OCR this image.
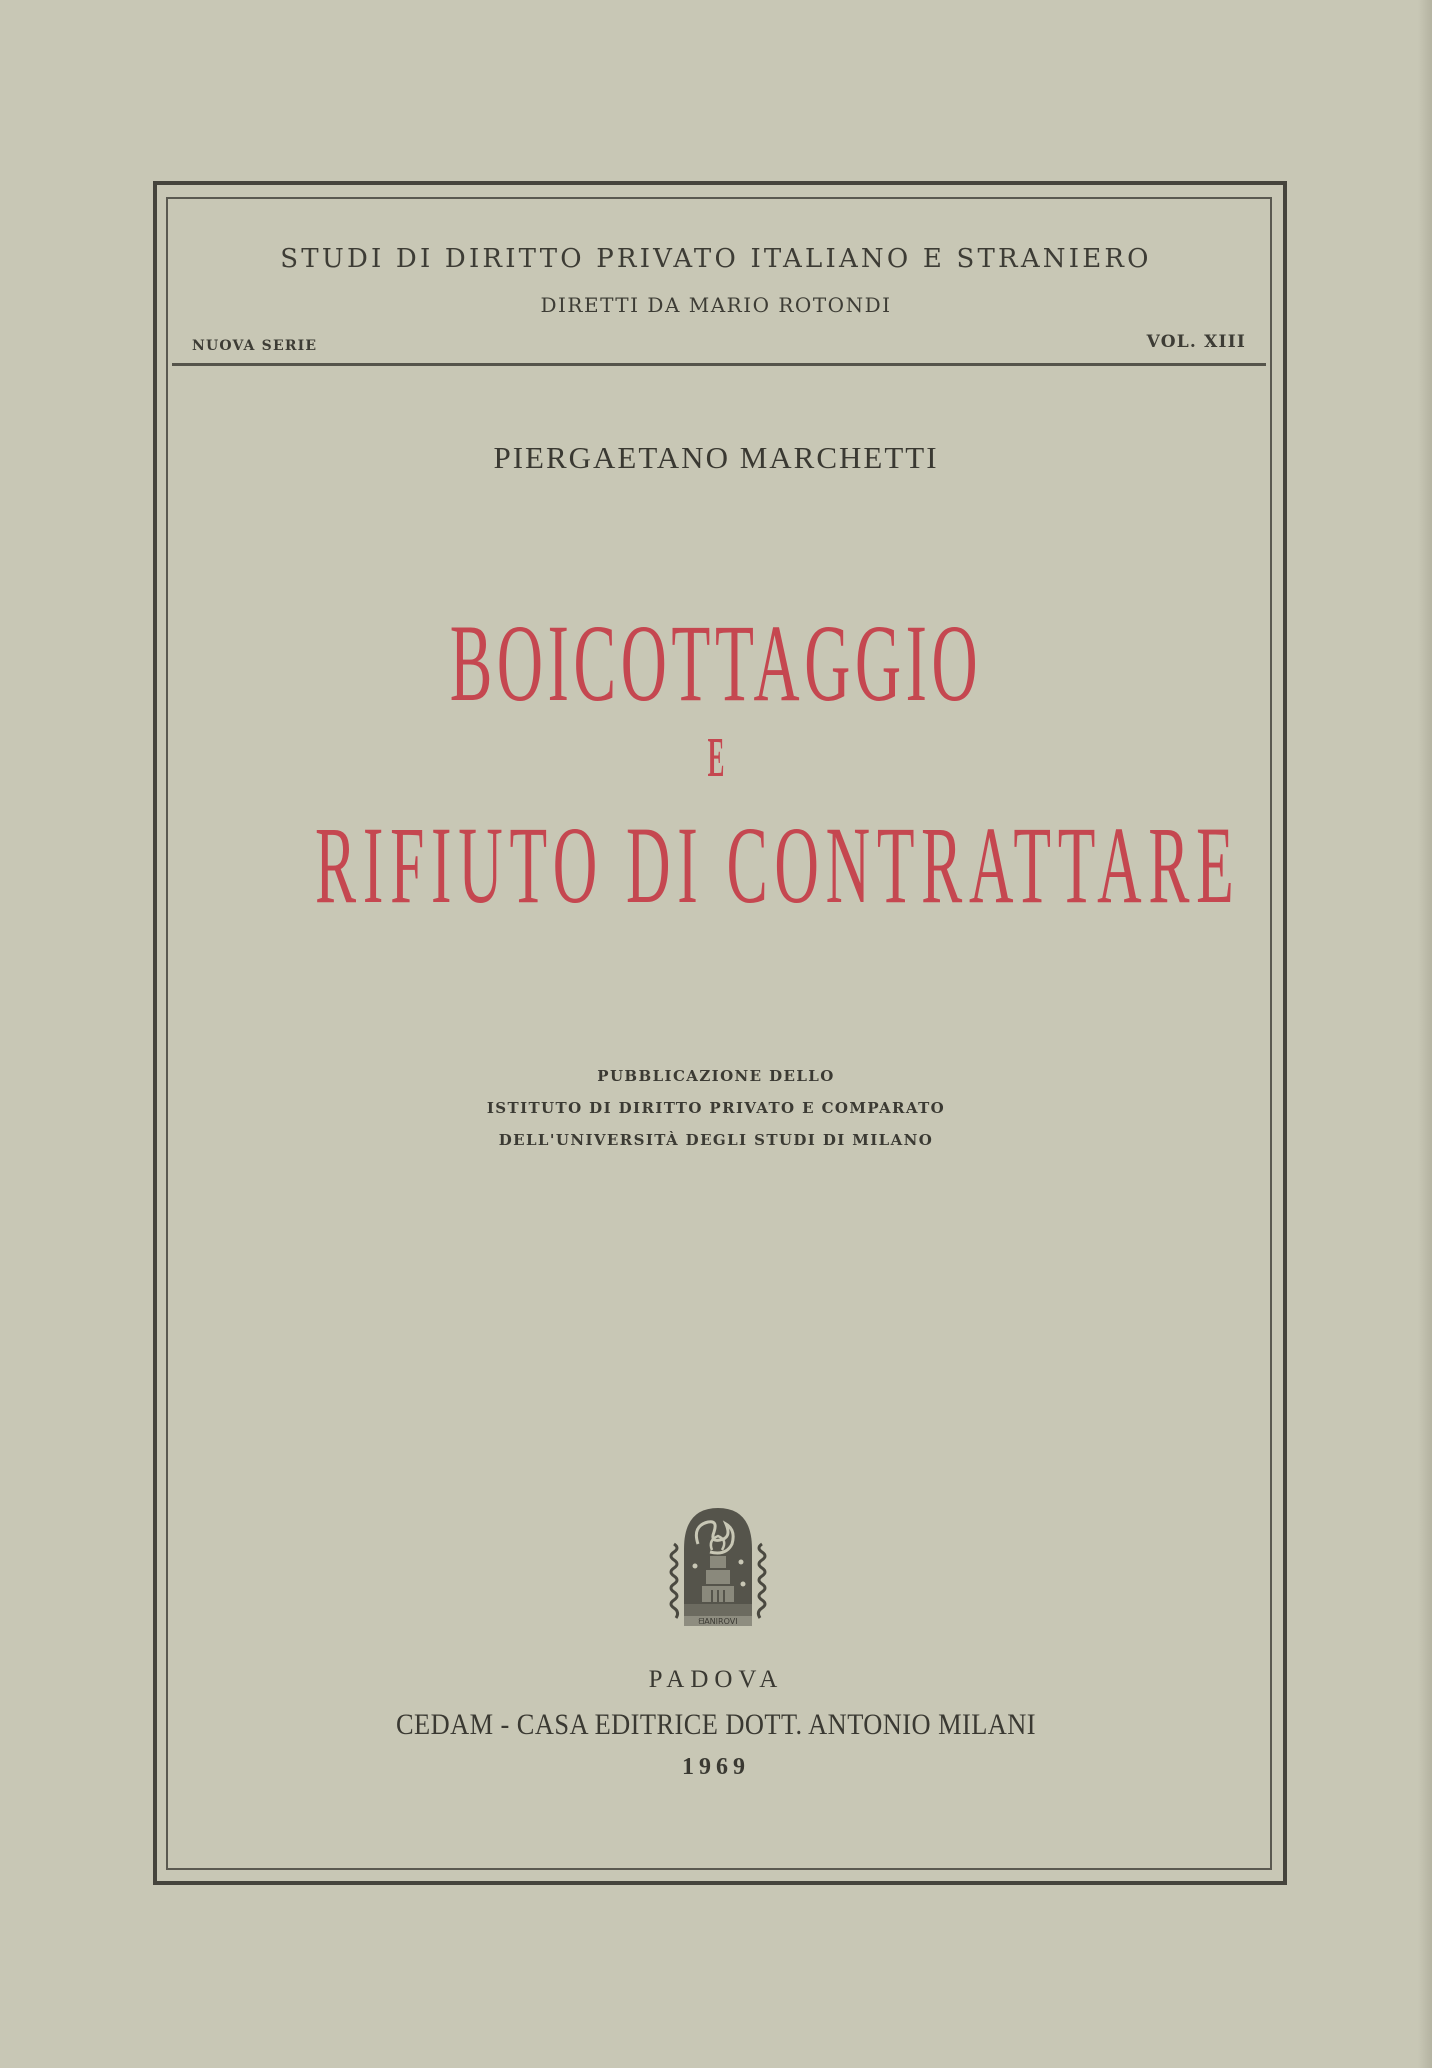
STUDI DI DIRITTO PRIVATO ITALIANO E STRANIERO
DIRETTI DA MARIO ROTONDI
NUOVA SERIE	VOL. XIII
PIERGAETANO MARCHETTI
BOICOTTAGGIO
E
RIFIUTO DI CONTRATTARE
PUBBLICAZIONE DELLO
ISTITUTO DI DIRITTO PRIVATO E COMPARATO
DELL'UNIVERSITÀ DEGLI STUDI DI MILANO
ᗺANIROVI
PADOVA
CEDAM - CASA EDITRICE DOTT. ANTONIO MILANI
1969
